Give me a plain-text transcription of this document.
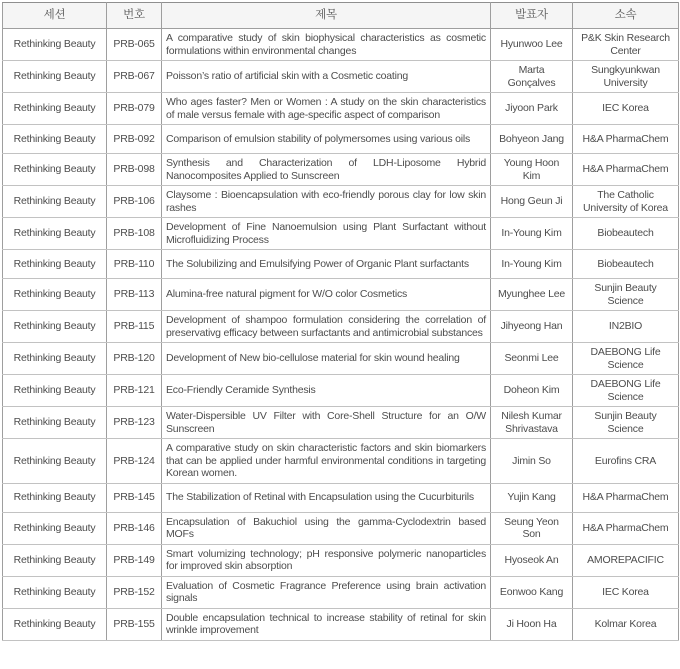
세션	번호	제목	발표자	소속
Rethinking Beauty	PRB-065	A comparative study of skin biophysical characteristics as cosmetic formulations within environmental changes	Hyunwoo Lee	P&K Skin Research Center
Rethinking Beauty	PRB-067	Poisson’s ratio of artificial skin with a Cosmetic coating	Marta Gonçalves	Sungkyunkwan University
Rethinking Beauty	PRB-079	Who ages faster? Men or Women : A study on the skin characteristics of male versus female with age-specific aspect of comparison	Jiyoon Park	IEC Korea
Rethinking Beauty	PRB-092	Comparison of emulsion stability of polymersomes using various oils	Bohyeon Jang	H&A PharmaChem
Rethinking Beauty	PRB-098	Synthesis and Characterization of LDH-Liposome Hybrid Nanocomposites Applied to Sunscreen	Young Hoon Kim	H&A PharmaChem
Rethinking Beauty	PRB-106	Claysome : Bioencapsulation with eco-friendly porous clay for low skin rashes	Hong Geun Ji	The Catholic University of Korea
Rethinking Beauty	PRB-108	Development of Fine Nanoemulsion using Plant Surfactant without Microfluidizing Process	In-Young Kim	Biobeautech
Rethinking Beauty	PRB-110	The Solubilizing and Emulsifying Power of Organic Plant surfactants	In-Young Kim	Biobeautech
Rethinking Beauty	PRB-113	Alumina-free natural pigment for W/O color Cosmetics	Myunghee Lee	Sunjin Beauty Science
Rethinking Beauty	PRB-115	Development of shampoo formulation considering the correlation of preservativg efficacy between surfactants and antimicrobial substances	Jihyeong Han	IN2BIO
Rethinking Beauty	PRB-120	Development of New bio-cellulose material for skin wound healing	Seonmi Lee	DAEBONG Life Science
Rethinking Beauty	PRB-121	Eco-Friendly Ceramide Synthesis	Doheon Kim	DAEBONG Life Science
Rethinking Beauty	PRB-123	Water-Dispersible UV Filter with Core-Shell Structure for an O/W Sunscreen	Nilesh Kumar Shrivastava	Sunjin Beauty Science
Rethinking Beauty	PRB-124	A comparative study on skin characteristic factors and skin biomarkers that can be applied under harmful environmental conditions in targeting Korean women.	Jimin So	Eurofins CRA
Rethinking Beauty	PRB-145	The Stabilization of Retinal with Encapsulation using the Cucurbiturils	Yujin Kang	H&A PharmaChem
Rethinking Beauty	PRB-146	Encapsulation of Bakuchiol using the gamma-Cyclodextrin based MOFs	Seung Yeon Son	H&A PharmaChem
Rethinking Beauty	PRB-149	Smart volumizing technology; pH responsive polymeric nanoparticles for improved skin absorption	Hyoseok An	AMOREPACIFIC
Rethinking Beauty	PRB-152	Evaluation of Cosmetic Fragrance Preference using brain activation signals	Eonwoo Kang	IEC Korea
Rethinking Beauty	PRB-155	Double encapsulation technical to increase stability of retinal for skin wrinkle improvement	Ji Hoon Ha	Kolmar Korea
